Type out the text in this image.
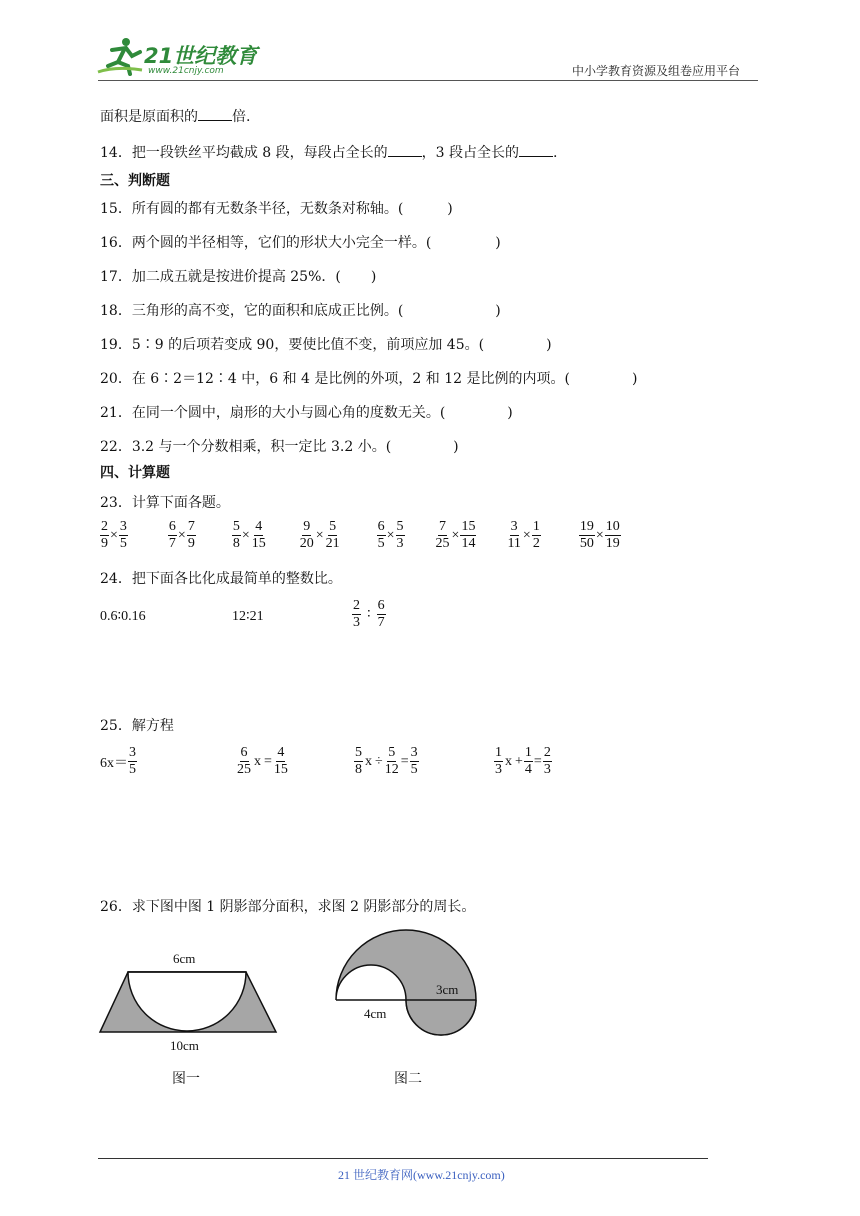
21世纪教育
www.21cnjy.com	中小学教育资源及组卷应用平台
面积是原面积的 倍.
14．把一段铁丝平均截成 8 段，每段占全长的 ，3 段占全长的 .
三、判断题
15．所有圆的都有无数条半径，无数条对称轴。(	)
16．两个圆的半径相等，它们的形状大小完全一样。(	)
17．加二成五就是按进价提高 25%．( )
18．三角形的高不变，它的面积和底成正比例。(	)
19．5∶9 的后项若变成 90，要使比值不变，前项应加 45。(	)
20．在 6∶2＝12∶4 中，6 和 4 是比例的外项，2 和 12 是比例的内项。(	)
21．在同一个圆中，扇形的大小与圆心角的度数无关。(	)
22．3.2 与一个分数相乘，积一定比 3.2 小。(	)
四、计算题
23．计算下面各题。
$\frac{2}{9} \times \frac{3}{5}$	$\frac{6}{7} \times \frac{7}{9}$	$\frac{5}{8} \times \frac{4}{15} \frac{9}{20} \times \frac{5}{21}$	$\frac{6}{5} \times \frac{5}{3} \frac{7}{25} \times \frac{15}{14} \frac{3}{11} \times \frac{1}{2}$	$\frac{19}{50} \times \frac{10}{19}$
24．把下面各比化成最简单的整数比。
0.6∶0.16	12∶21	$\frac{2}{3}$ ∶ $\frac{6}{7}$
25．解方程
$6x= \frac{3}{5}$	$\frac{6}{25}$ $x = \frac{4}{15}$	$\frac{5}{8}$ $x \div \frac{5}{12} = \frac{3}{5}$	$\frac{1}{3}$ $x + \frac{1}{4} = \frac{2}{3}$
26．求下图中图 1 阴影部分面积，求图 2 阴影部分的周长。
6cm
10cm
图一
4cm
3cm
图二
21 世纪教育网(www.21cnjy.com)
